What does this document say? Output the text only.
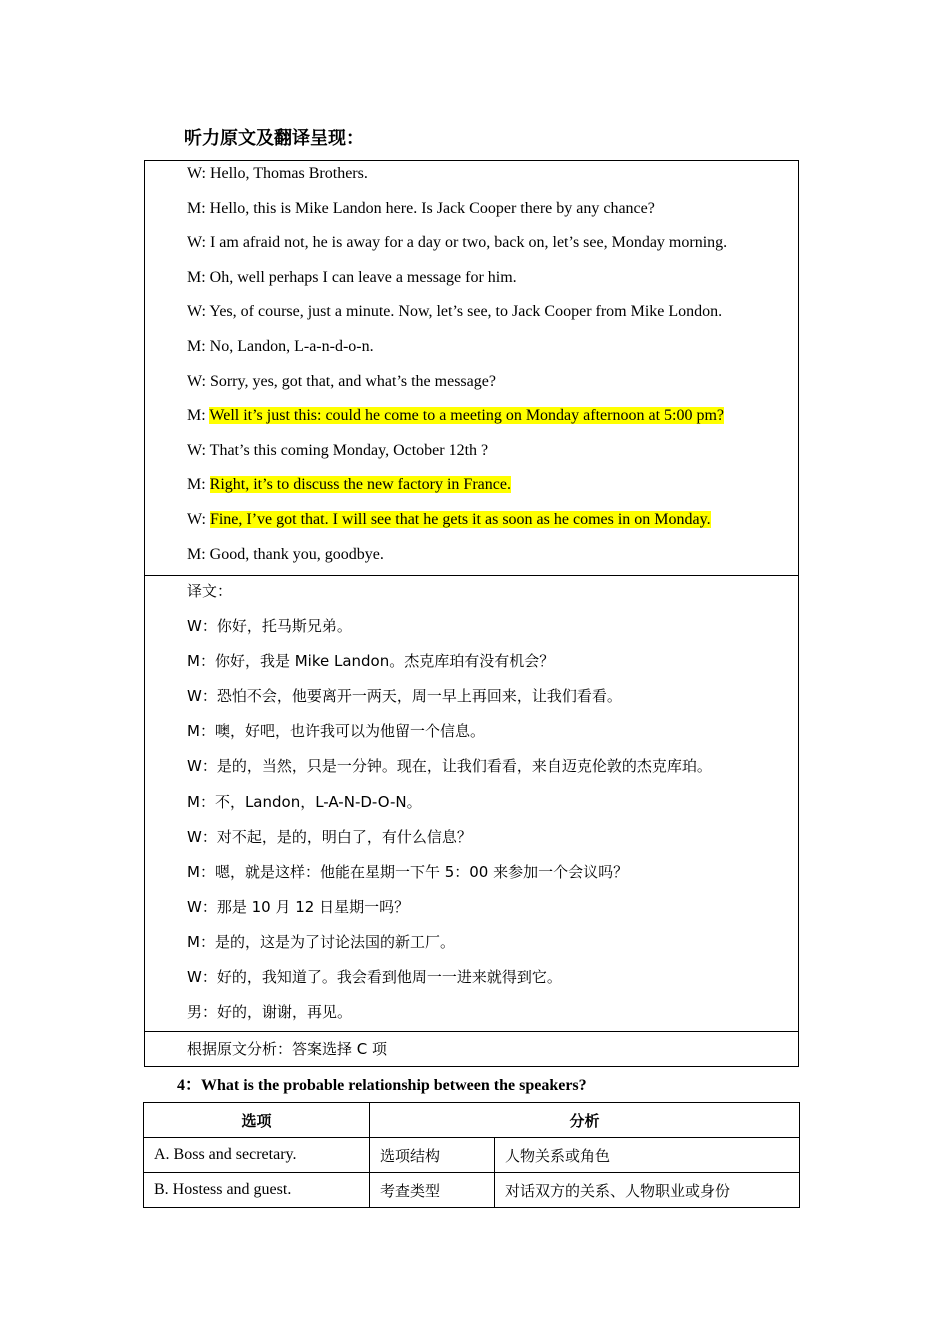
听力原文及翻译呈现：
W: Hello, Thomas Brothers.
M: Hello, this is Mike Landon here. Is Jack Cooper there by any chance?
W: I am afraid not, he is away for a day or two, back on, let’s see, Monday morning.
M: Oh, well perhaps I can leave a message for him.
W: Yes, of course, just a minute. Now, let’s see, to Jack Cooper from Mike London.
M: No, Landon, L-a-n-d-o-n.
W: Sorry, yes, got that, and what’s the message?
M: Well it’s just this: could he come to a meeting on Monday afternoon at 5:00 pm?
W: That’s this coming Monday, October 12th ?
M: Right, it’s to discuss the new factory in France.
W: Fine, I’ve got that. I will see that he gets it as soon as he comes in on Monday.
M: Good, thank you, goodbye.
译文：
W：你好，托马斯兄弟。
M：你好，我是 Mike Landon。杰克库珀有没有机会？
W：恐怕不会，他要离开一两天，周一早上再回来，让我们看看。
M：噢，好吧，也许我可以为他留一个信息。
W：是的，当然，只是一分钟。现在，让我们看看，来自迈克伦敦的杰克库珀。
M：不，Landon，L-A-N-D-O-N。
W：对不起，是的，明白了，有什么信息？
M：嗯，就是这样：他能在星期一下午 5：00 来参加一个会议吗？
W：那是 10 月 12 日星期一吗？
M：是的，这是为了讨论法国的新工厂。
W：好的，我知道了。我会看到他周一一进来就得到它。
男：好的，谢谢，再见。
根据原文分析：答案选择 C 项
4：What is the probable relationship between the speakers?
选项	分析	
A. Boss and secretary.	选项结构	人物关系或角色
B. Hostess and guest.	考查类型	对话双方的关系、人物职业或身份
